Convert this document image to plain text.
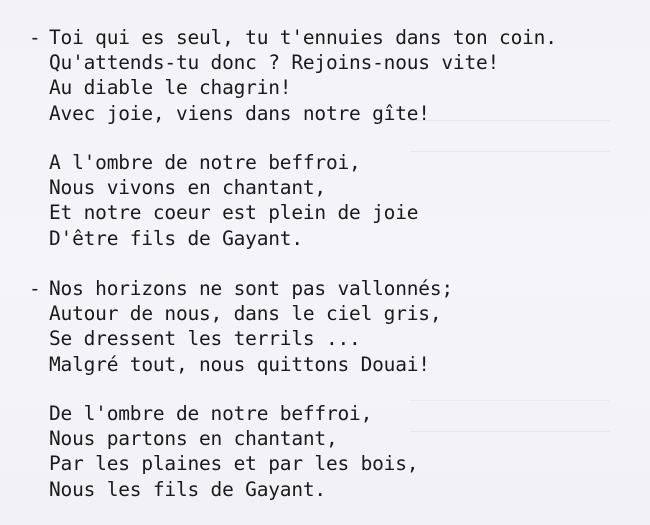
- Toi qui es seul, tu t'ennuies dans ton coin.
Qu'attends-tu donc ? Rejoins-nous vite!
Au diable le chagrin!
Avec joie, viens dans notre gîte!
A l'ombre de notre beffroi,
Nous vivons en chantant,
Et notre coeur est plein de joie
D'être fils de Gayant.
- Nos horizons ne sont pas vallonnés;
Autour de nous, dans le ciel gris,
Se dressent les terrils ...
Malgré tout, nous quittons Douai!
De l'ombre de notre beffroi,
Nous partons en chantant,
Par les plaines et par les bois,
Nous les fils de Gayant.
